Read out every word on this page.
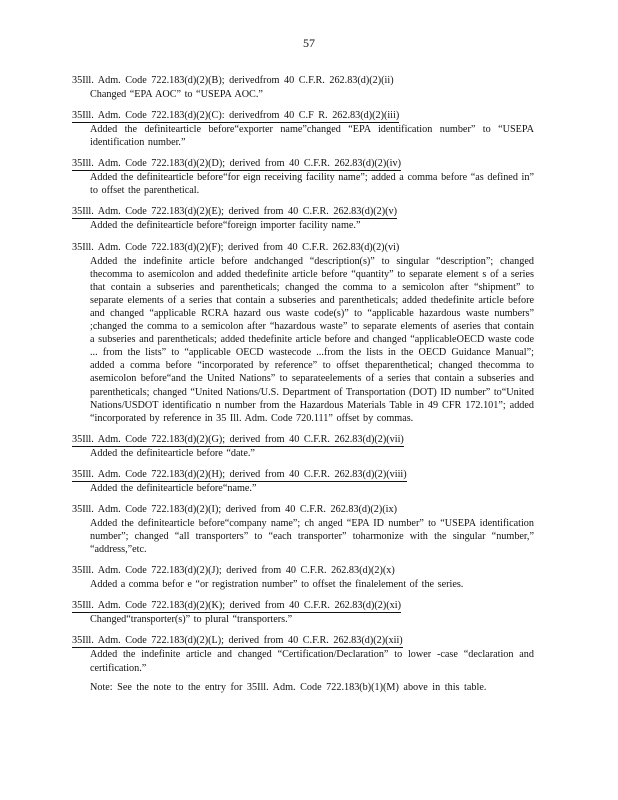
57
35Ill. Adm. Code 722.183(d)(2)(B); derivedfrom 40 C.F.R. 262.83(d)(2)(ii)
Changed “EPA AOC” to “USEPA AOC.”
35Ill. Adm. Code 722.183(d)(2)(C): derivedfrom 40 C.F R. 262.83(d)(2)(iii)
Added the definitearticle before“exporter name”changed “EPA identification number” to “USEPA identification number.”
35Ill. Adm. Code 722.183(d)(2)(D); derived from 40 C.F.R. 262.83(d)(2)(iv)
Added the definitearticle before“for eign receiving facility name”; added a comma before “as defined in” to offset the parenthetical.
35Ill. Adm. Code 722.183(d)(2)(E); derived from 40 C.F.R. 262.83(d)(2)(v)
Added the definitearticle before“foreign importer facility name.”
35Ill. Adm. Code 722.183(d)(2)(F); derived from 40 C.F.R. 262.83(d)(2)(vi)
Added the indefinite article before andchanged “description(s)” to singular “description”; changed thecomma to asemicolon and added thedefinite article before “quantity” to separate element s of a series that contain a subseries and parentheticals; changed the comma to a semicolon after “shipment” to separate elements of a series that contain a subseries and parentheticals; added thedefinite article before and changed “applicable RCRA hazard ous waste code(s)” to “applicable hazardous waste numbers” ;changed the comma to a semicolon after “hazardous waste” to separate elements of aseries that contain a subseries and parentheticals; added thedefinite article before and changed “applicableOECD waste code ... from the lists” to “applicable OECD wastecode ...from the lists in the OECD Guidance Manual”; added a comma before “incorporated by reference” to offset theparenthetical; changed thecomma to asemicolon before“and the United Nations” to separateelements of a series that contain a subseries and parentheticals; changed “United Nations/U.S. Department of Transportation (DOT) ID number” to“United Nations/USDOT identificatio n number from the Hazardous Materials Table in 49 CFR 172.101”; added “incorporated by reference in 35 Ill. Adm. Code 720.111” offset by commas.
35Ill. Adm. Code 722.183(d)(2)(G); derived from 40 C.F.R. 262.83(d)(2)(vii)
Added the definitearticle before “date.”
35Ill. Adm. Code 722.183(d)(2)(H); derived from 40 C.F.R. 262.83(d)(2)(viii)
Added the definitearticle before“name.”
35Ill. Adm. Code 722.183(d)(2)(I); derived from 40 C.F.R. 262.83(d)(2)(ix)
Added the definitearticle before“company name”; ch anged “EPA ID number” to “USEPA identification number”; changed “all transporters” to “each transporter” toharmonize with the singular “number,” “address,”etc.
35Ill. Adm. Code 722.183(d)(2)(J); derived from 40 C.F.R. 262.83(d)(2)(x)
Added a comma befor e “or registration number” to offset the finalelement of the series.
35Ill. Adm. Code 722.183(d)(2)(K); derived from 40 C.F.R. 262.83(d)(2)(xi)
Changed“transporter(s)” to plural “transporters.”
35Ill. Adm. Code 722.183(d)(2)(L); derived from 40 C.F.R. 262.83(d)(2)(xii)
Added the indefinite article and changed “Certification/Declaration” to lower -case “declaration and certification.”
Note: See the note to the entry for 35Ill. Adm. Code 722.183(b)(1)(M) above in this table.
